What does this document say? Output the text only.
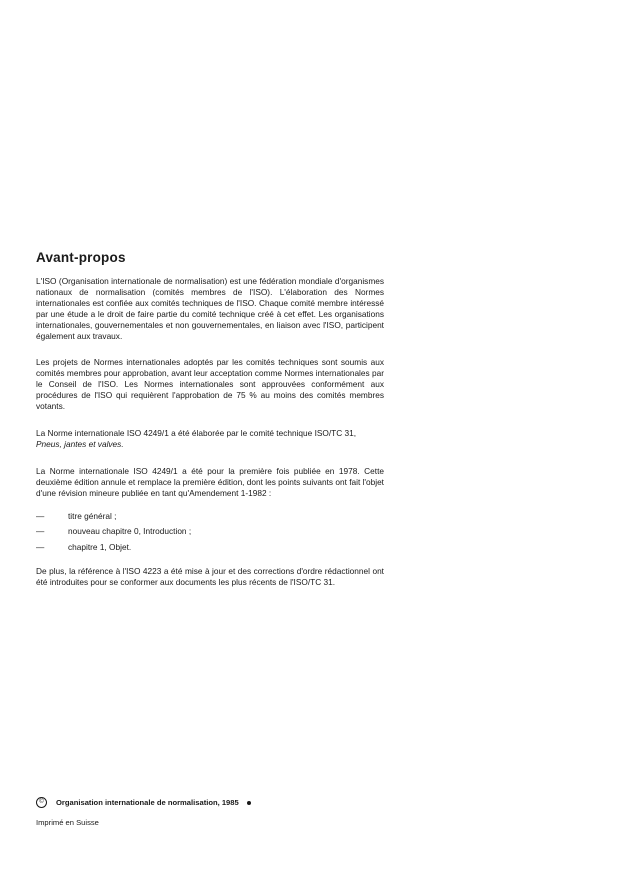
Avant-propos

L'ISO (Organisation internationale de normalisation) est une fédération mondiale d'organismes nationaux de normalisation (comités membres de l'ISO). L'élaboration des Normes internationales est confiée aux comités techniques de l'ISO. Chaque comité membre intéressé par une étude a le droit de faire partie du comité technique créé à cet effet. Les organisations internationales, gouvernementales et non gouvernementales, en liaison avec l'ISO, participent également aux travaux.

Les projets de Normes internationales adoptés par les comités techniques sont soumis aux comités membres pour approbation, avant leur acceptation comme Normes internationales par le Conseil de l'ISO. Les Normes internationales sont approuvées conformément aux procédures de l'ISO qui requièrent l'approbation de 75 % au moins des comités membres votants.

La Norme internationale ISO 4249/1 a été élaborée par le comité technique ISO/TC 31,
Pneus, jantes et valves.

La Norme internationale ISO 4249/1 a été pour la première fois publiée en 1978. Cette deuxième édition annule et remplace la première édition, dont les points suivants ont fait l'objet d'une révision mineure publiée en tant qu'Amendement 1-1982 :

—	titre général ;
—	nouveau chapitre 0, Introduction ;
—	chapitre 1, Objet.

De plus, la référence à l'ISO 4223 a été mise à jour et des corrections d'ordre rédactionnel ont été introduites pour se conformer aux documents les plus récents de l'ISO/TC 31.

©	Organisation internationale de normalisation, 1985
Imprimé en Suisse
